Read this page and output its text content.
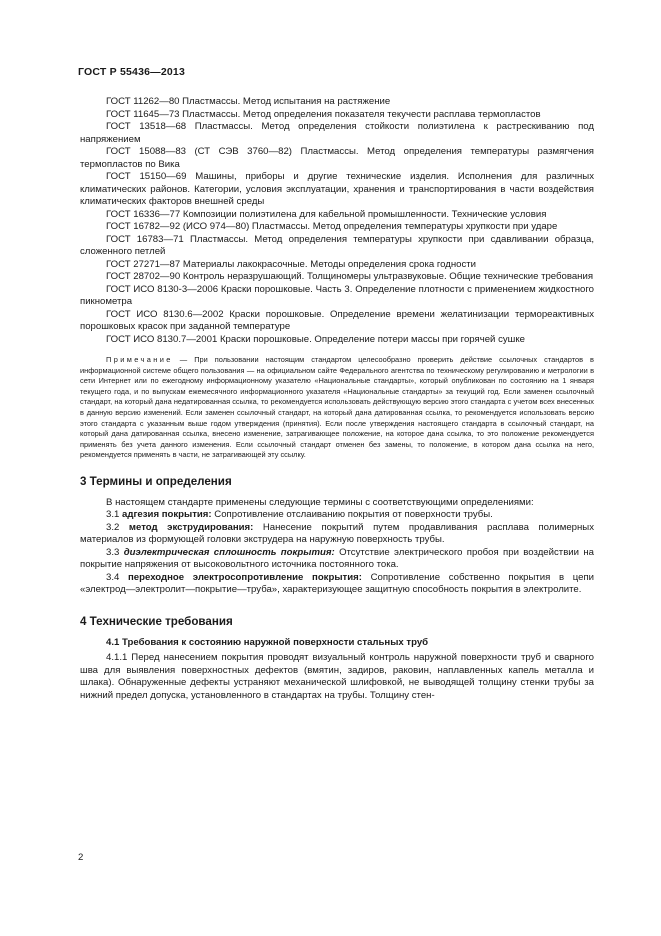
ГОСТ Р 55436—2013

ГОСТ 11262—80 Пластмассы. Метод испытания на растяжение

ГОСТ 11645—73 Пластмассы. Метод определения показателя текучести расплава термопластов

ГОСТ 13518—68 Пластмассы. Метод определения стойкости полиэтилена к растрескиванию под напряжением

ГОСТ 15088—83 (СТ СЭВ 3760—82) Пластмассы. Метод определения температуры размягчения термопластов по Вика

ГОСТ 15150—69 Машины, приборы и другие технические изделия. Исполнения для различных климатических районов. Категории, условия эксплуатации, хранения и транспортирования в части воздействия климатических факторов внешней среды

ГОСТ 16336—77 Композиции полиэтилена для кабельной промышленности. Технические условия

ГОСТ 16782—92 (ИСО 974—80) Пластмассы. Метод определения температуры хрупкости при ударе

ГОСТ 16783—71 Пластмассы. Метод определения температуры хрупкости при сдавливании образца, сложенного петлей

ГОСТ 27271—87 Материалы лакокрасочные. Методы определения срока годности

ГОСТ 28702—90 Контроль неразрушающий. Толщиномеры ультразвуковые. Общие технические требования

ГОСТ ИСО 8130-3—2006 Краски порошковые. Часть 3. Определение плотности с применением жидкостного пикнометра

ГОСТ ИСО 8130.6—2002 Краски порошковые. Определение времени желатинизации термореактивных порошковых красок при заданной температуре

ГОСТ ИСО 8130.7—2001 Краски порошковые. Определение потери массы при горячей сушке

Примечание — При пользовании настоящим стандартом целесообразно проверить действие ссылочных стандартов в информационной системе общего пользования — на официальном сайте Федерального агентства по техническому регулированию и метрологии в сети Интернет или по ежегодному информационному указателю «Национальные стандарты», который опубликован по состоянию на 1 января текущего года, и по выпускам ежемесячного информационного указателя «Национальные стандарты» за текущий год. Если заменен ссылочный стандарт, на который дана недатированная ссылка, то рекомендуется использовать действующую версию этого стандарта с учетом всех внесенных в данную версию изменений. Если заменен ссылочный стандарт, на который дана датированная ссылка, то рекомендуется использовать версию этого стандарта с указанным выше годом утверждения (принятия). Если после утверждения настоящего стандарта в ссылочный стандарт, на который дана датированная ссылка, внесено изменение, затрагивающее положение, на которое дана ссылка, то это положение рекомендуется применять без учета данного изменения. Если ссылочный стандарт отменен без замены, то положение, в котором дана ссылка на него, рекомендуется применять в части, не затрагивающей эту ссылку.

3 Термины и определения

В настоящем стандарте применены следующие термины с соответствующими определениями:

3.1 адгезия покрытия: Сопротивление отслаиванию покрытия от поверхности трубы.

3.2 метод экструдирования: Нанесение покрытий путем продавливания расплава полимерных материалов из формующей головки экструдера на наружную поверхность трубы.

3.3 диэлектрическая сплошность покрытия: Отсутствие электрического пробоя при воздействии на покрытие напряжения от высоковольтного источника постоянного тока.

3.4 переходное электросопротивление покрытия: Сопротивление собственно покрытия в цепи «электрод—электролит—покрытие—труба», характеризующее защитную способность покрытия в электролите.

4 Технические требования
4.1 Требования к состоянию наружной поверхности стальных труб

4.1.1 Перед нанесением покрытия проводят визуальный контроль наружной поверхности труб и сварного шва для выявления поверхностных дефектов (вмятин, задиров, раковин, наплавленных капель металла и шлака). Обнаруженные дефекты устраняют механической шлифовкой, не выводящей толщину стенки трубы за нижний предел допуска, установленного в стандартах на трубы. Толщину стен-

2
